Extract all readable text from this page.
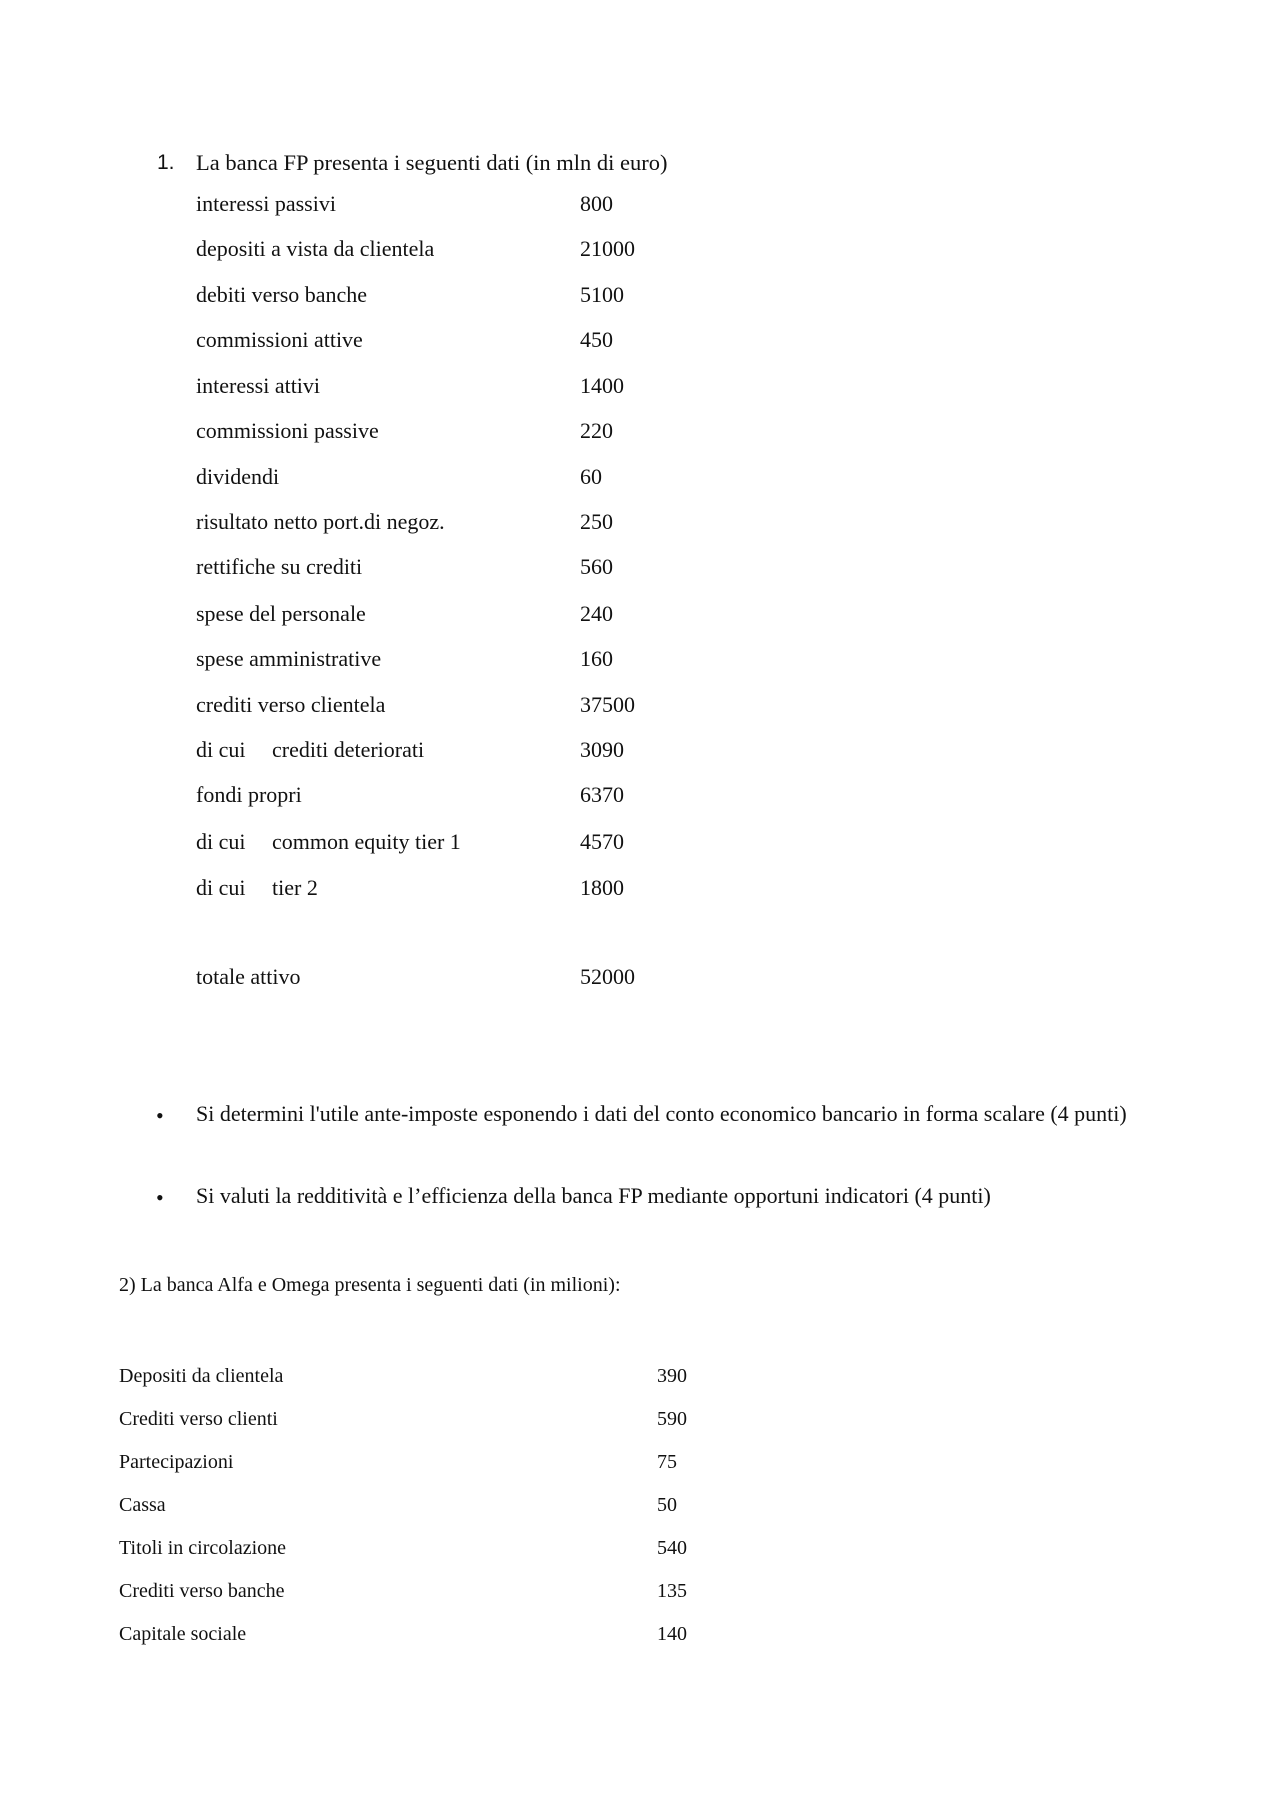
1. La banca FP presenta i seguenti dati (in mln di euro)
interessi passivi	800
depositi a vista da clientela	21000
debiti verso banche	5100
commissioni attive	450
interessi attivi	1400
commissioni passive	220
dividendi	60
risultato netto port.di negoz.	250
rettifiche su crediti	560
spese del personale	240
spese amministrative	160
crediti verso clientela	37500
di cui crediti deteriorati	3090
fondi propri	6370
di cui common equity tier 1	4570
di cui tier 2	1800
totale attivo	52000
• Si determini l'utile ante-imposte esponendo i dati del conto economico bancario in forma scalare (4 punti)
• Si valuti la redditività e l’efficienza della banca FP mediante opportuni indicatori (4 punti)
2) La banca Alfa e Omega presenta i seguenti dati (in milioni):
Depositi da clientela	390
Crediti verso clienti	590
Partecipazioni	75
Cassa	50
Titoli in circolazione	540
Crediti verso banche	135
Capitale sociale	140
